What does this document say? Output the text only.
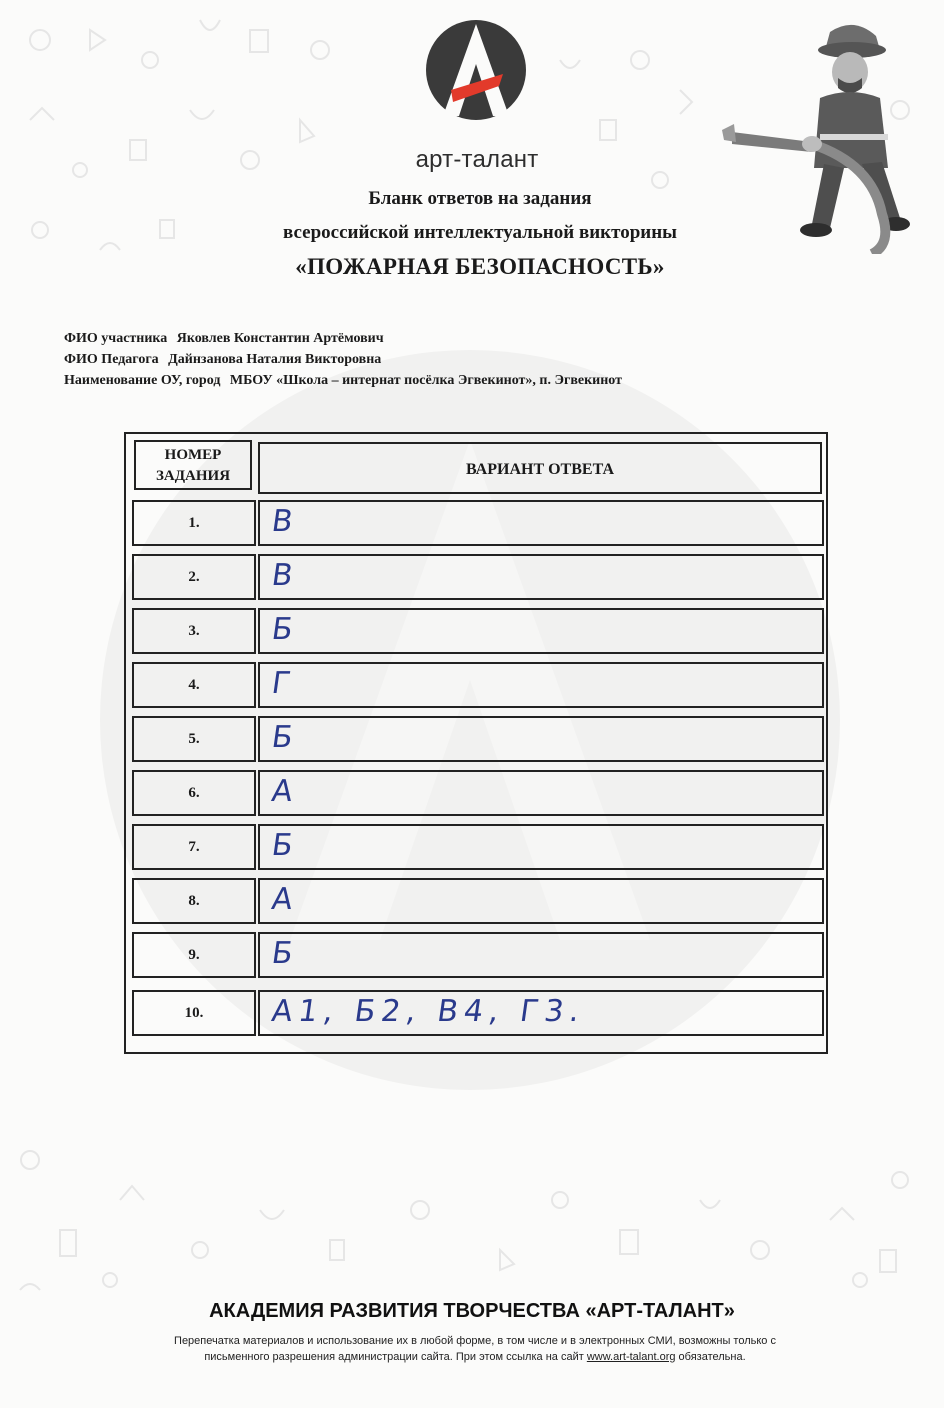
арт-талант
Бланк ответов на задания
всероссийской интеллектуальной викторины
«ПОЖАРНАЯ БЕЗОПАСНОСТЬ»
ФИО участника Яковлев Константин Артёмович
ФИО Педагога Дайнзанова Наталия Викторовна
Наименование ОУ, город МБОУ «Школа – интернат посёлка Эгвекинот», п. Эгвекинот
НОМЕР
ЗАДАНИЯ	ВАРИАНТ ОТВЕТА
1.	В
2.	В
3.	Б
4.	Г
5.	Б
6.	А
7.	Б
8.	А
9.	Б
10.	А1, Б2, В4, Г3.
АКАДЕМИЯ РАЗВИТИЯ ТВОРЧЕСТВА «АРТ-ТАЛАНТ»
Перепечатка материалов и использование их в любой форме, в том числе и в электронных СМИ, возможны только с
письменного разрешения администрации сайта. При этом ссылка на сайт www.art-talant.org обязательна.
